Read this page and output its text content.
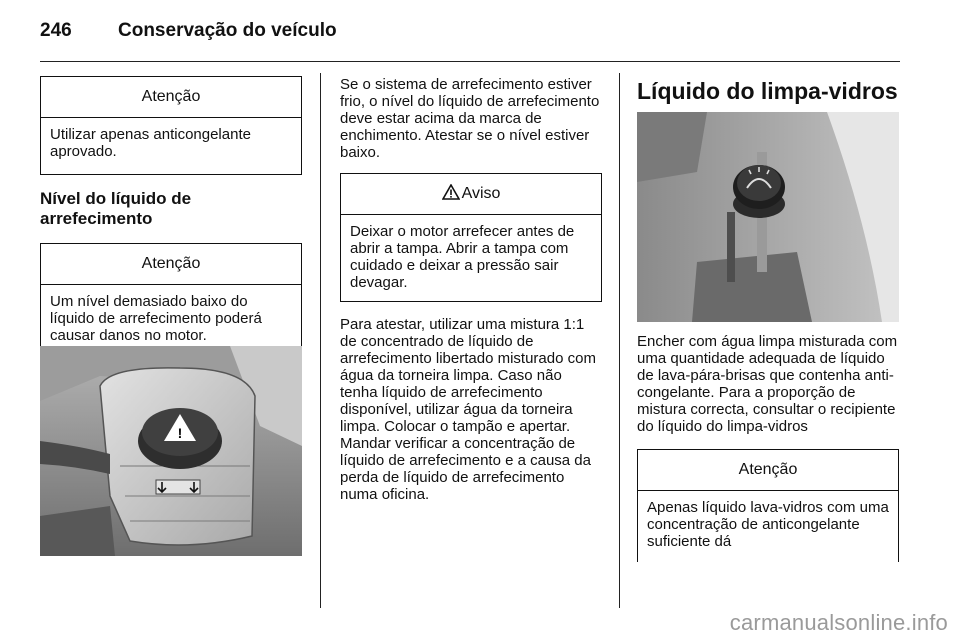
246 Conservação do veículo
Atenção
Utilizar apenas anticongelante aprovado.
Nível do líquido de
arrefecimento
Atenção
Um nível demasiado baixo do líquido de arrefecimento poderá causar danos no motor.
!
Se o sistema de arrefecimento estiver frio, o nível do líquido de arrefecimento deve estar acima da marca de enchimento. Atestar se o nível estiver baixo.
Aviso
Deixar o motor arrefecer antes de abrir a tampa. Abrir a tampa com cuidado e deixar a pressão sair devagar.
Para atestar, utilizar uma mistura 1:1 de concentrado de líquido de arrefecimento libertado misturado com água da torneira limpa. Caso não tenha líquido de arrefecimento disponível, utilizar água da torneira limpa. Colocar o tampão e apertar. Mandar verificar a concentração de líquido de arrefecimento e a causa da perda de líquido de arrefecimento numa oficina.
Líquido do limpa-vidros
Encher com água limpa misturada com uma quantidade adequada de líquido de lava-pára-brisas que contenha anti-congelante. Para a proporção de mistura correcta, consultar o recipiente do líquido do limpa-vidros
Atenção
Apenas líquido lava-vidros com uma concentração de anticongelante suficiente dá
carmanualsonline.info
